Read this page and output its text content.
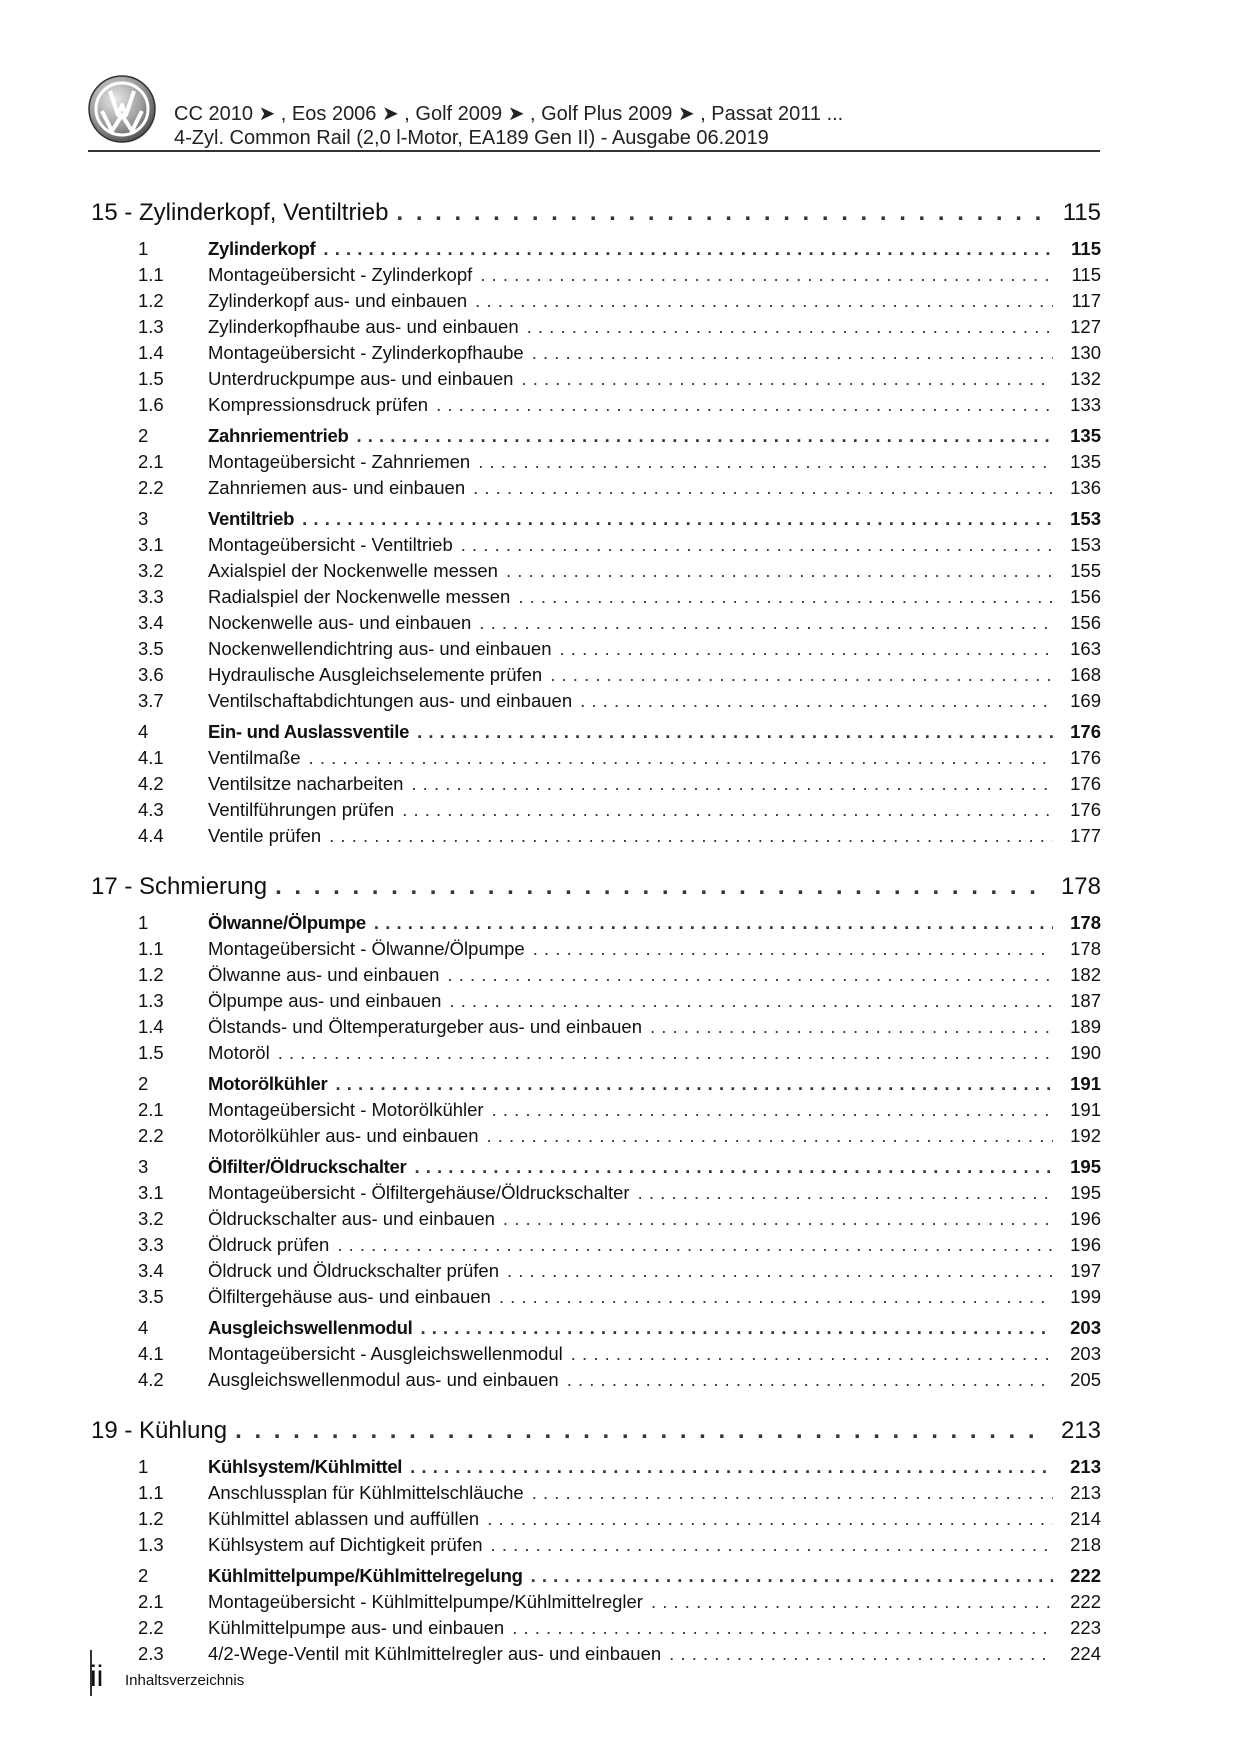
CC 2010 ➤ , Eos 2006 ➤ , Golf 2009 ➤ , Golf Plus 2009 ➤ , Passat 2011 ...
4-Zyl. Common Rail (2,0 l-Motor, EA189 Gen II) - Ausgabe 06.2019
15 - Zylinderkopf, Ventiltrieb . . .	115
1	Zylinderkopf . . .	115
1.1	Montageübersicht - Zylinderkopf . . .	115
1.2	Zylinderkopf aus- und einbauen . . .	117
1.3	Zylinderkopfhaube aus- und einbauen . . .	127
1.4	Montageübersicht - Zylinderkopfhaube . . .	130
1.5	Unterdruckpumpe aus- und einbauen . . .	132
1.6	Kompressionsdruck prüfen . . .	133
2	Zahnriementrieb . . .	135
2.1	Montageübersicht - Zahnriemen . . .	135
2.2	Zahnriemen aus- und einbauen . . .	136
3	Ventiltrieb . . .	153
3.1	Montageübersicht - Ventiltrieb . . .	153
3.2	Axialspiel der Nockenwelle messen . . .	155
3.3	Radialspiel der Nockenwelle messen . . .	156
3.4	Nockenwelle aus- und einbauen . . .	156
3.5	Nockenwellendichtring aus- und einbauen . . .	163
3.6	Hydraulische Ausgleichselemente prüfen . . .	168
3.7	Ventilschaftabdichtungen aus- und einbauen . . .	169
4	Ein- und Auslassventile . . .	176
4.1	Ventilmaße . . .	176
4.2	Ventilsitze nacharbeiten . . .	176
4.3	Ventilführungen prüfen . . .	176
4.4	Ventile prüfen . . .	177
17 - Schmierung . . .	178
1	Ölwanne/Ölpumpe . . .	178
1.1	Montageübersicht - Ölwanne/Ölpumpe . . .	178
1.2	Ölwanne aus- und einbauen . . .	182
1.3	Ölpumpe aus- und einbauen . . .	187
1.4	Ölstands- und Öltemperaturgeber aus- und einbauen . . .	189
1.5	Motoröl . . .	190
2	Motorölkühler . . .	191
2.1	Montageübersicht - Motorölkühler . . .	191
2.2	Motorölkühler aus- und einbauen . . .	192
3	Ölfilter/Öldruckschalter . . .	195
3.1	Montageübersicht - Ölfiltergehäuse/Öldruckschalter . . .	195
3.2	Öldruckschalter aus- und einbauen . . .	196
3.3	Öldruck prüfen . . .	196
3.4	Öldruck und Öldruckschalter prüfen . . .	197
3.5	Ölfiltergehäuse aus- und einbauen . . .	199
4	Ausgleichswellenmodul . . .	203
4.1	Montageübersicht - Ausgleichswellenmodul . . .	203
4.2	Ausgleichswellenmodul aus- und einbauen . . .	205
19 - Kühlung . . .	213
1	Kühlsystem/Kühlmittel . . .	213
1.1	Anschlussplan für Kühlmittelschläuche . . .	213
1.2	Kühlmittel ablassen und auffüllen . . .	214
1.3	Kühlsystem auf Dichtigkeit prüfen . . .	218
2	Kühlmittelpumpe/Kühlmittelregelung . . .	222
2.1	Montageübersicht - Kühlmittelpumpe/Kühlmittelregler . . .	222
2.2	Kühlmittelpumpe aus- und einbauen . . .	223
2.3	4/2-Wege-Ventil mit Kühlmittelregler aus- und einbauen . . .	224
ii Inhaltsverzeichnis
